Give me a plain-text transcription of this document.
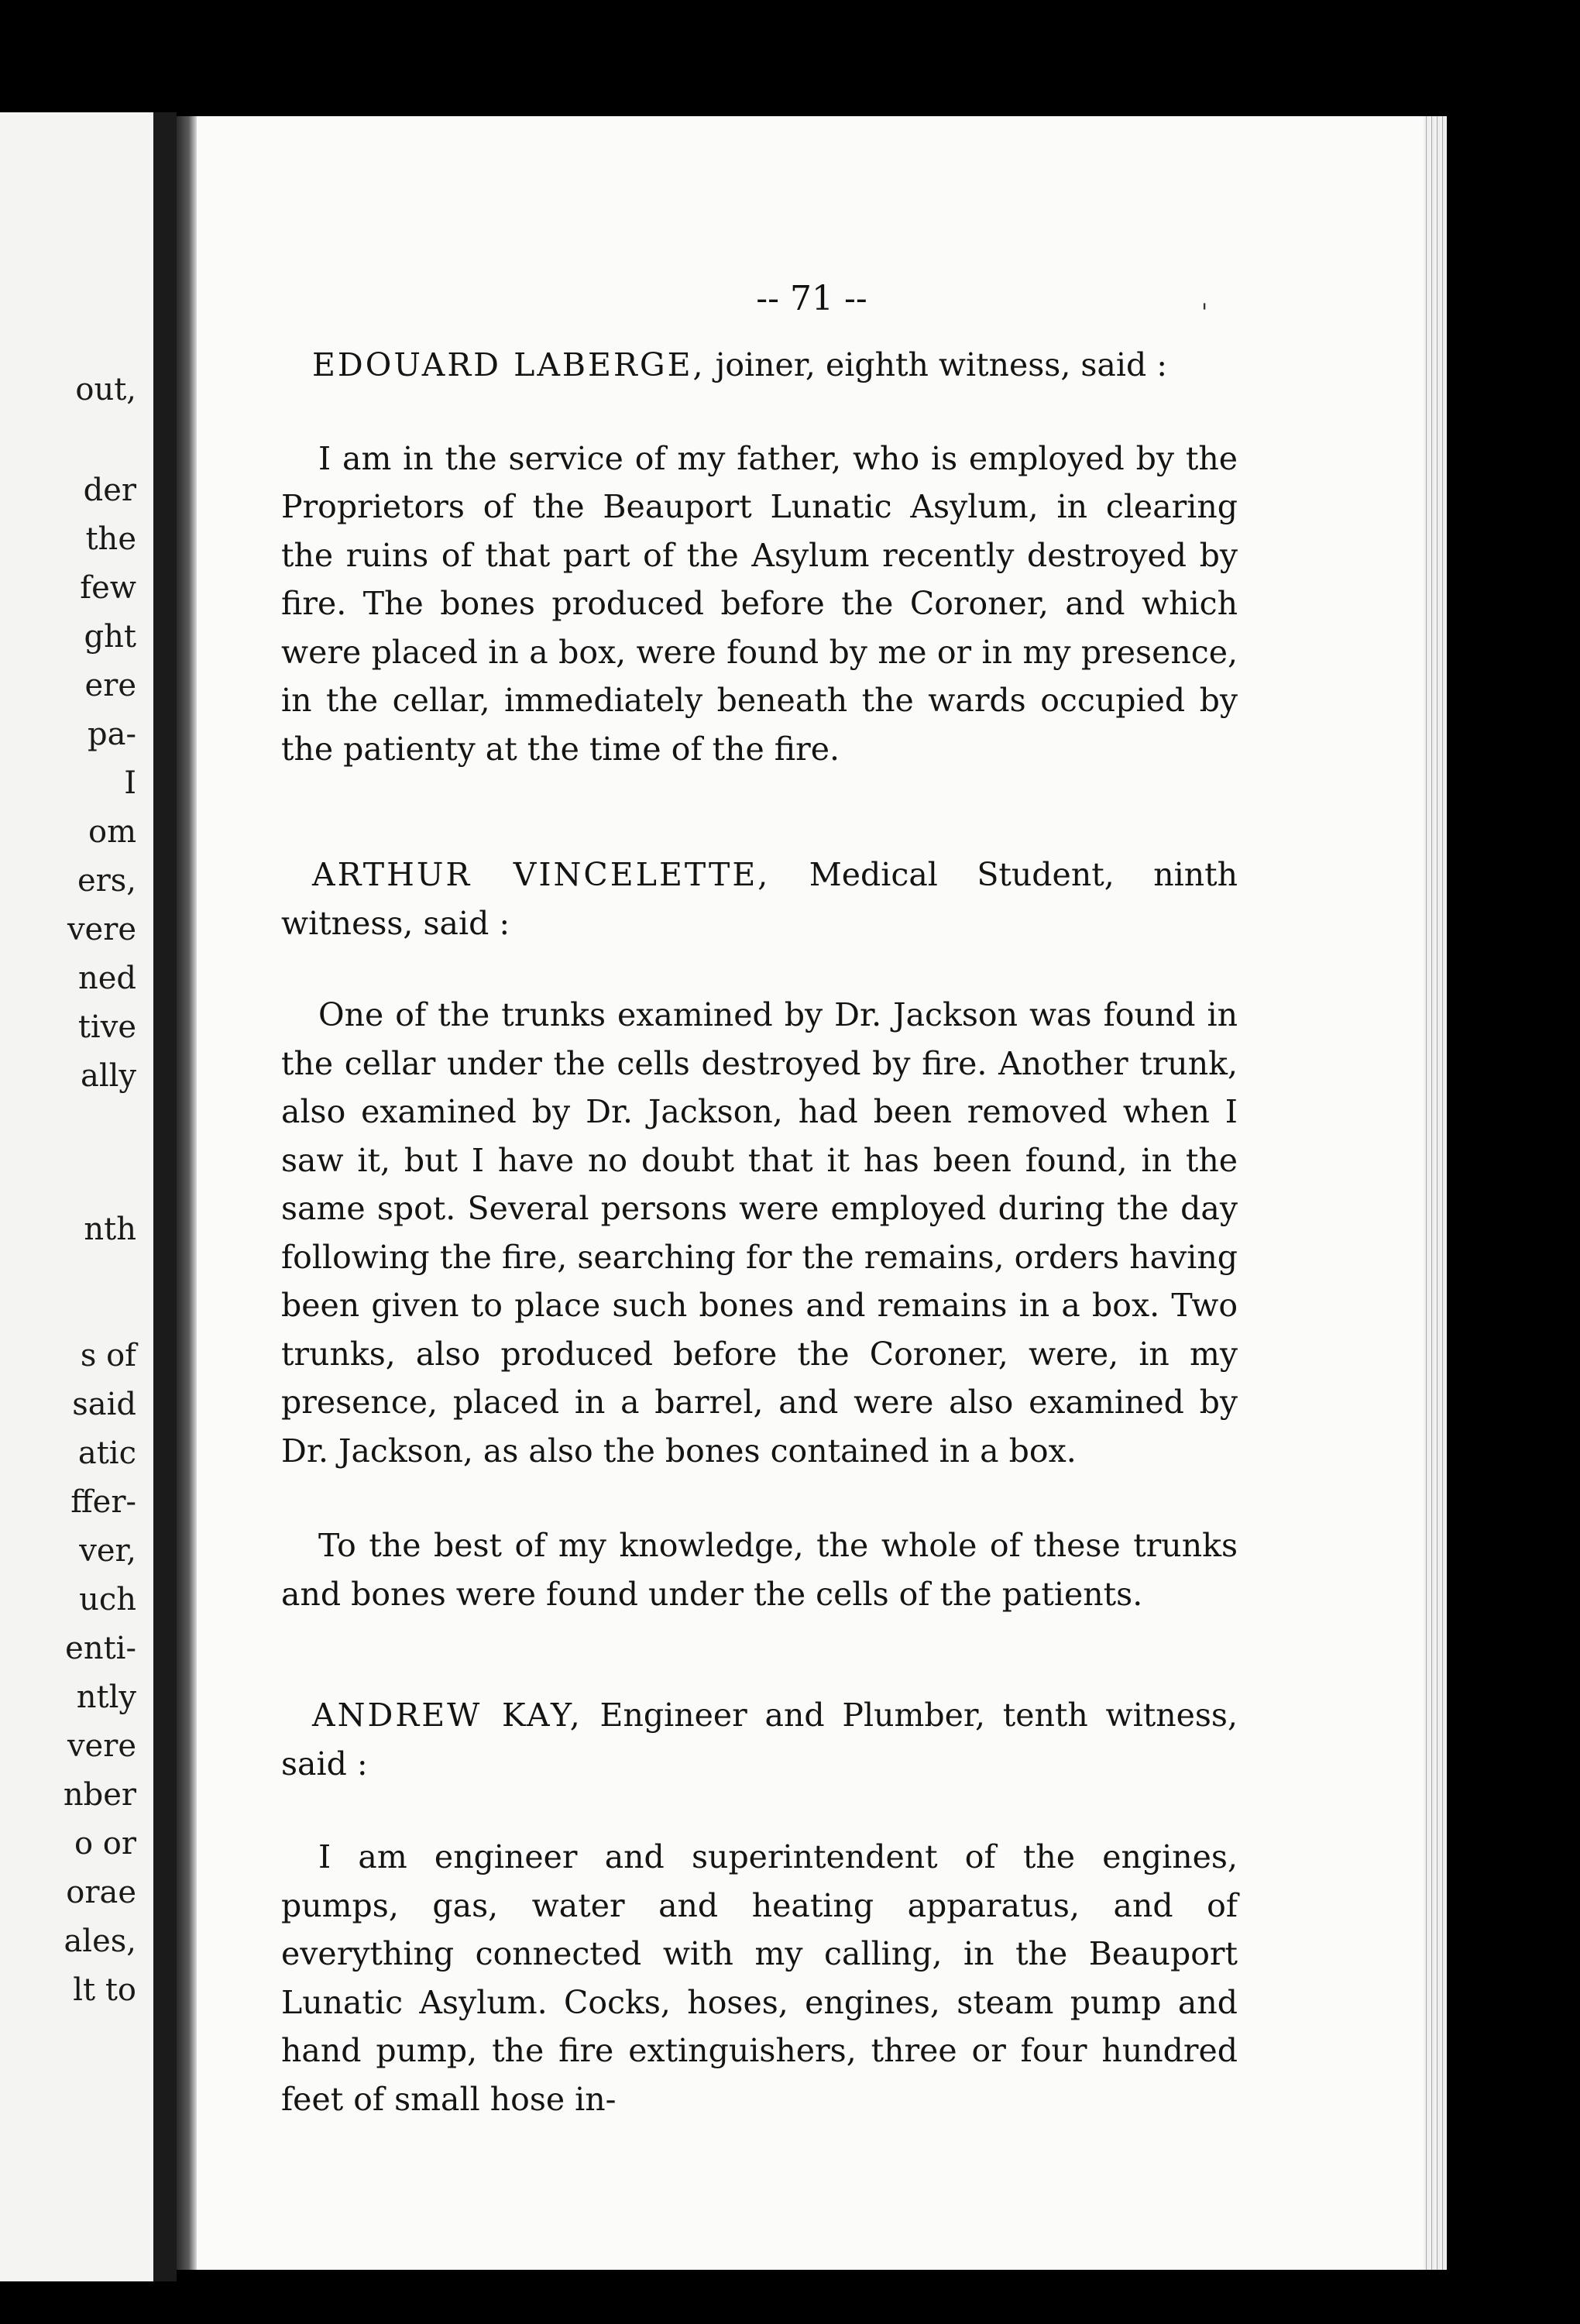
out,
der
the
few
ght
ere
pa-
I
om
ers,
vere
ned
tive
ally
nth
s of
said
atic
ffer-
ver,
uch
enti-
ntly
vere
nber
o or
orae
ales,
lt to
-- 71 --	'

EDOUARD LABERGE, joiner, eighth witness, said :

I am in the service of my father, who is employed by the Proprietors of the Beauport Lunatic Asylum, in clearing the ruins of that part of the Asylum recently destroyed by fire. The bones produced before the Coroner, and which were placed in a box, were found by me or in my presence, in the cellar, immediately beneath the wards occupied by the patienty at the time of the fire.

ARTHUR VINCELETTE, Medical Student, ninth witness, said :

One of the trunks examined by Dr. Jackson was found in the cellar under the cells destroyed by fire. Another trunk, also examined by Dr. Jackson, had been removed when I saw it, but I have no doubt that it has been found, in the same spot. Several persons were employed during the day following the fire, searching for the remains, orders having been given to place such bones and remains in a box. Two trunks, also produced before the Coroner, were, in my presence, placed in a barrel, and were also examined by Dr. Jackson, as also the bones contained in a box.

To the best of my knowledge, the whole of these trunks and bones were found under the cells of the patients.

ANDREW KAY, Engineer and Plumber, tenth witness, said :

I am engineer and superintendent of the engines, pumps, gas, water and heating apparatus, and of everything connected with my calling, in the Beauport Lunatic Asylum. Cocks, hoses, engines, steam pump and hand pump, the fire extinguishers, three or four hundred feet of small hose in-
